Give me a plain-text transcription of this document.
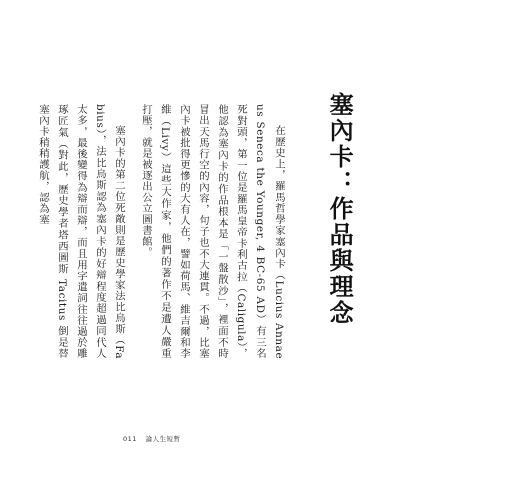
塞內卡：作品與理念

在歷史上，羅馬哲學家塞內卡（Lucius Annaeus Seneca the Younger, 4 BC-65 AD）有三名死對頭，第一位是羅馬皇帝卡利古拉（Caligula），他認為塞內卡的作品根本是「一盤散沙」，裡面不時冒出天馬行空的內容，句子也不大連貫。不過，比塞內卡被批得更慘的大有人在，譬如荷馬、維吉爾和李維（Livy）這些大作家，他們的著作不是遭人嚴重打壓，就是被逐出公立圖書館。

塞內卡的第二位死敵則是歷史學家法比烏斯（Fabius），法比烏斯認為塞內卡的好辯程度超過同代人太多，最後變得為辯而辯，而且用字遣詞往往過於雕琢匠氣（對此，歷史學者塔西圖斯 Tacitus 倒是替塞內卡稍稍護航，認為塞

011 論人生短暫
